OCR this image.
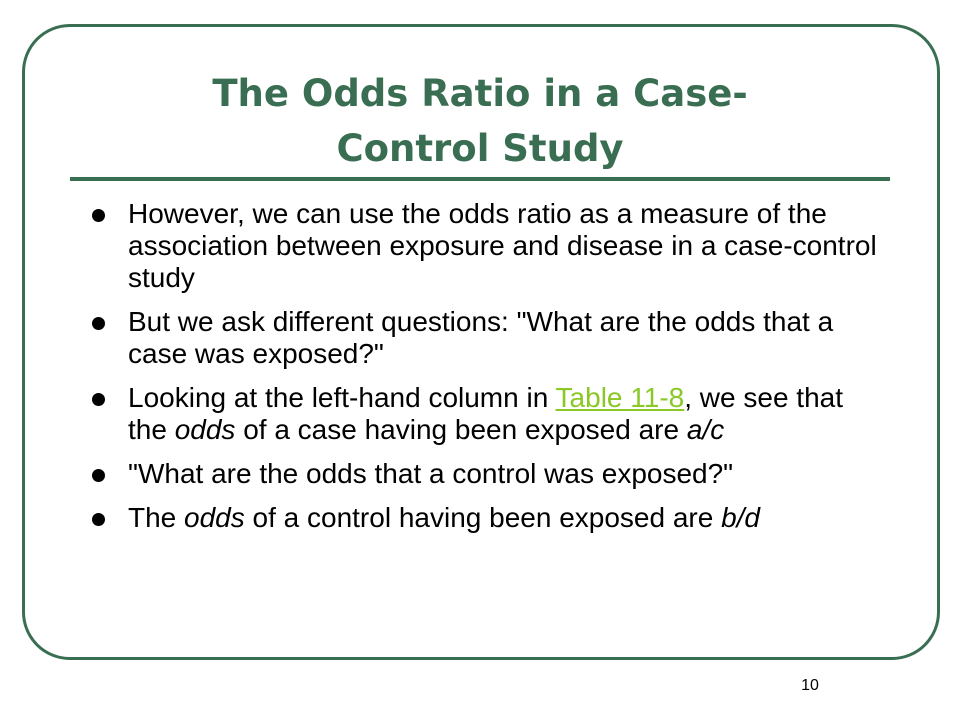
The Odds Ratio in a Case-
Control Study
However, we can use the odds ratio as a measure of the association between exposure and disease in a case-control study
But we ask different questions: "What are the odds that a case was exposed?"
Looking at the left-hand column in Table 11-8, we see that the odds of a case having been exposed are a/c
"What are the odds that a control was exposed?"
The odds of a control having been exposed are b/d
10
